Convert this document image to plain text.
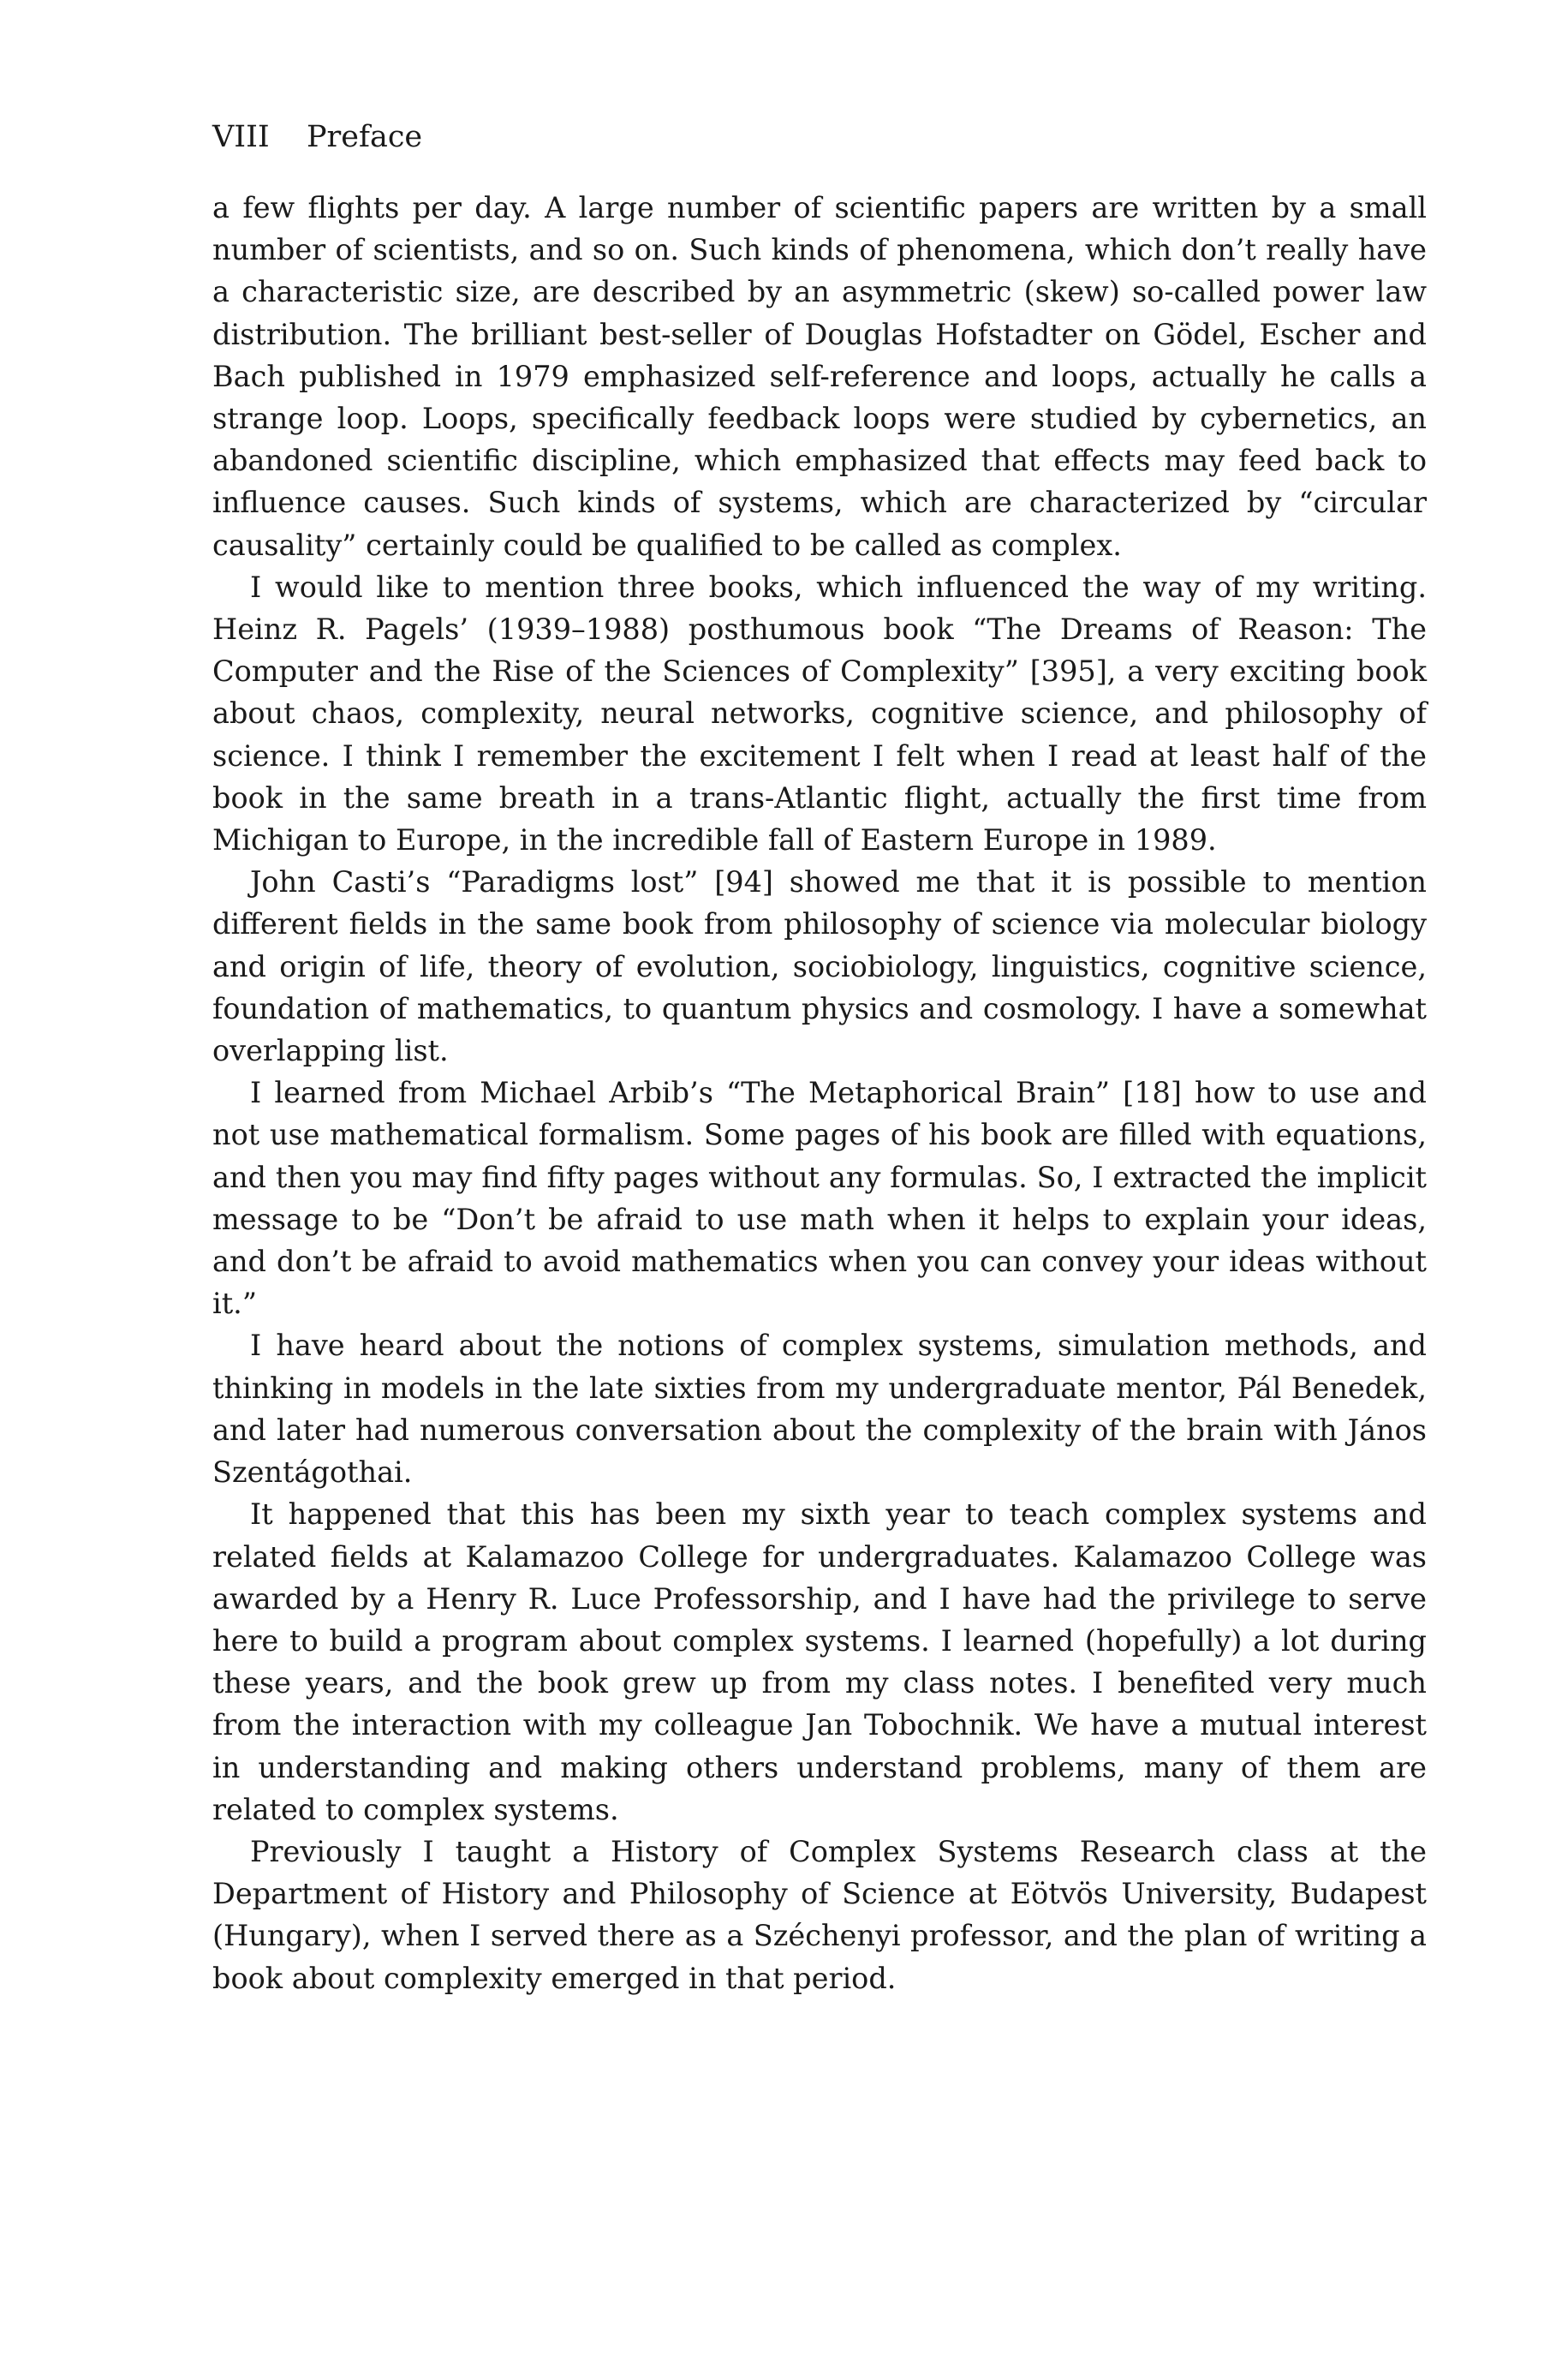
VIII Preface

a few flights per day. A large number of scientific papers are written by a small number of scientists, and so on. Such kinds of phenomena, which don’t really have a characteristic size, are described by an asymmetric (skew) so-called power law distribution. The brilliant best-seller of Douglas Hofstadter on Gödel, Escher and Bach published in 1979 emphasized self-reference and loops, actually he calls a strange loop. Loops, specifically feedback loops were studied by cybernetics, an abandoned scientific discipline, which emphasized that effects may feed back to influence causes. Such kinds of systems, which are characterized by “circular causality” certainly could be qualified to be called as complex.

I would like to mention three books, which influenced the way of my writing. Heinz R. Pagels’ (1939–1988) posthumous book “The Dreams of Reason: The Computer and the Rise of the Sciences of Complexity” [395], a very exciting book about chaos, complexity, neural networks, cognitive science, and philosophy of science. I think I remember the excitement I felt when I read at least half of the book in the same breath in a trans-Atlantic flight, actually the first time from Michigan to Europe, in the incredible fall of Eastern Europe in 1989.

John Casti’s “Paradigms lost” [94] showed me that it is possible to mention different fields in the same book from philosophy of science via molecular biology and origin of life, theory of evolution, sociobiology, linguistics, cognitive science, foundation of mathematics, to quantum physics and cosmology. I have a somewhat overlapping list.

I learned from Michael Arbib’s “The Metaphorical Brain” [18] how to use and not use mathematical formalism. Some pages of his book are filled with equations, and then you may find fifty pages without any formulas. So, I extracted the implicit message to be “Don’t be afraid to use math when it helps to explain your ideas, and don’t be afraid to avoid mathematics when you can convey your ideas without it.”

I have heard about the notions of complex systems, simulation methods, and thinking in models in the late sixties from my undergraduate mentor, Pál Benedek, and later had numerous conversation about the complexity of the brain with János Szentágothai.

It happened that this has been my sixth year to teach complex systems and related fields at Kalamazoo College for undergraduates. Kalamazoo College was awarded by a Henry R. Luce Professorship, and I have had the privilege to serve here to build a program about complex systems. I learned (hopefully) a lot during these years, and the book grew up from my class notes. I benefited very much from the interaction with my colleague Jan Tobochnik. We have a mutual interest in understanding and making others understand problems, many of them are related to complex systems.

Previously I taught a History of Complex Systems Research class at the Department of History and Philosophy of Science at Eötvös University, Budapest (Hungary), when I served there as a Széchenyi professor, and the plan of writing a book about complexity emerged in that period.
